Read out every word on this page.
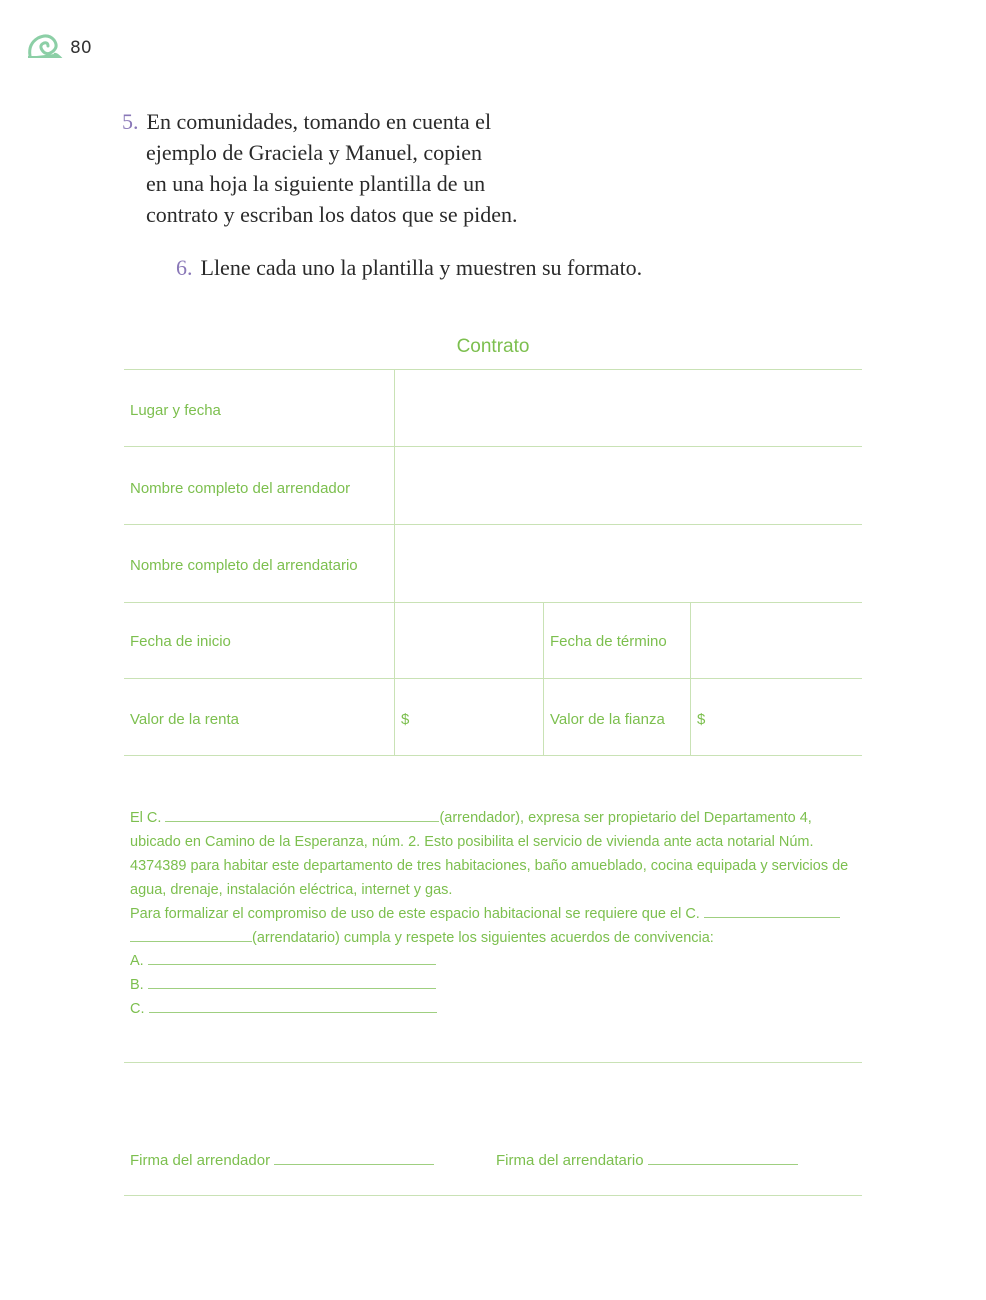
80
5. En comunidades, tomando en cuenta el
ejemplo de Graciela y Manuel, copien
en una hoja la siguiente plantilla de un
contrato y escriban los datos que se piden.
6. Llene cada uno la plantilla y muestren su formato.
Contrato
Lugar y fecha
Nombre completo del arrendador
Nombre completo del arrendatario
Fecha de inicio	Fecha de término
Valor de la renta	$	Valor de la fianza $
El C.	(arrendador), expresa ser propietario del Departamento 4, ubicado en Camino de la Esperanza, núm. 2. Esto posibilita el servicio de vivienda ante acta notarial Núm. 4374389 para habitar este departamento de tres habitaciones, baño amueblado, cocina equipada y servicios de agua, drenaje, instalación eléctrica, internet y gas.
Para formalizar el compromiso de uso de este espacio habitacional se requiere que el C.
(arrendatario) cumpla y respete los siguientes acuerdos de convivencia:
A.
B.
C.
Firma del arrendador	Firma del arrendatario
